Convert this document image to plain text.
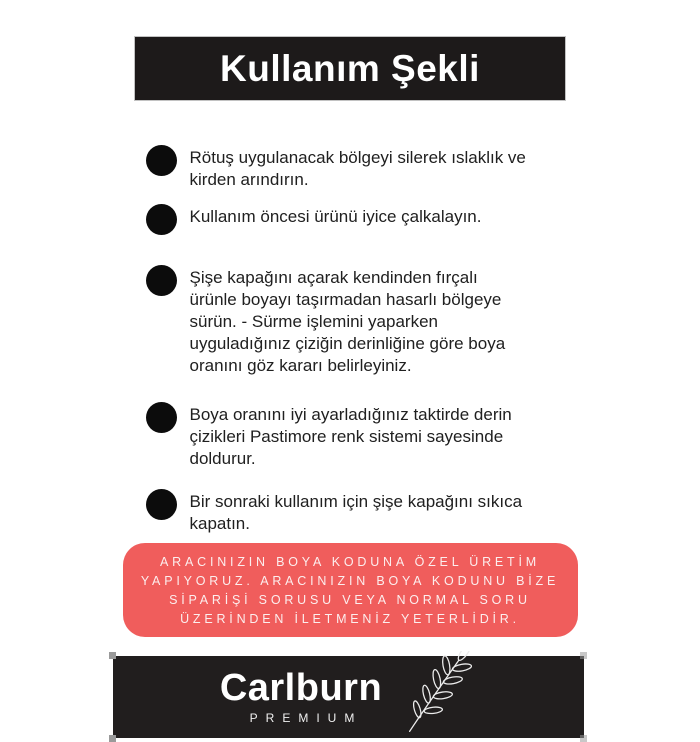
Kullanım Şekli

Rötuş uygulanacak bölgeyi silerek ıslaklık ve kirden arındırın.

Kullanım öncesi ürünü iyice çalkalayın.

Şişe kapağını açarak kendinden fırçalı ürünle boyayı taşırmadan hasarlı bölgeye sürün. - Sürme işlemini yaparken uyguladığınız çiziğin derinliğine göre boya oranını göz kararı belirleyiniz.

Boya oranını iyi ayarladığınız taktirde derin çizikleri Pastimore renk sistemi sayesinde doldurur.

Bir sonraki kullanım için şişe kapağını sıkıca kapatın.

ARACINIZIN BOYA KODUNA ÖZEL ÜRETİM
YAPIYORUZ. ARACINIZIN BOYA KODUNU BİZE
SİPARİŞİ SORUSU VEYA NORMAL SORU
ÜZERİNDEN İLETMENİZ YETERLİDİR.
Carlburn
PREMIUM
